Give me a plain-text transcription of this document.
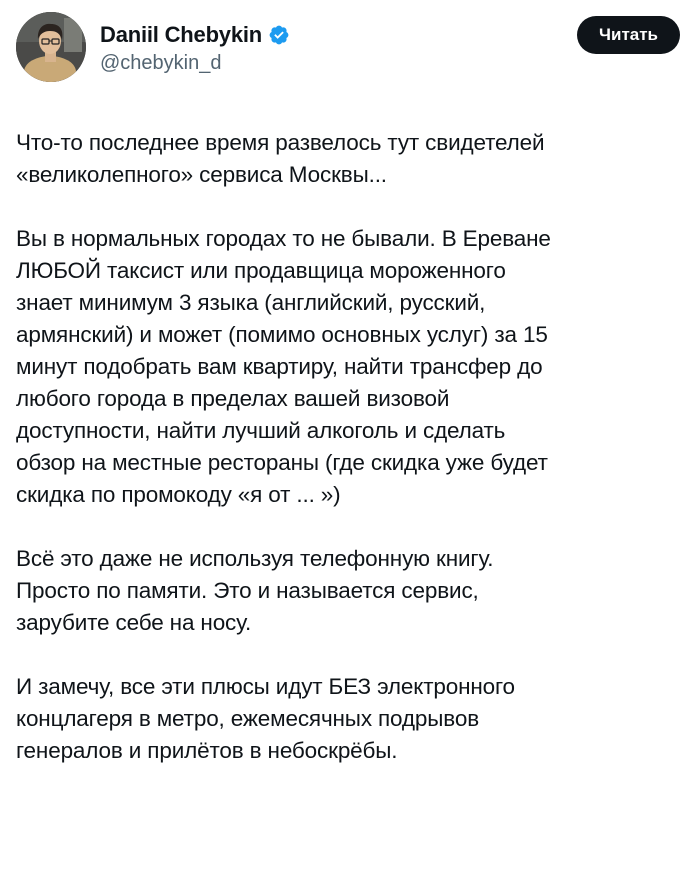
Daniil Chebykin
@chebykin_d
Читать

Что-то последнее время развелось тут свидетелей
«великолепного» сервиса Москвы...

Вы в нормальных городах то не бывали. В Ереване
ЛЮБОЙ таксист или продавщица мороженного
знает минимум 3 языка (английский, русский,
армянский) и может (помимо основных услуг) за 15
минут подобрать вам квартиру, найти трансфер до
любого города в пределах вашей визовой
доступности, найти лучший алкоголь и сделать
обзор на местные рестораны (где скидка уже будет
скидка по промокоду «я от ... »)

Всё это даже не используя телефонную книгу.
Просто по памяти. Это и называется сервис,
зарубите себе на носу.

И замечу, все эти плюсы идут БЕЗ электронного
концлагеря в метро, ежемесячных подрывов
генералов и прилётов в небоскрёбы.
